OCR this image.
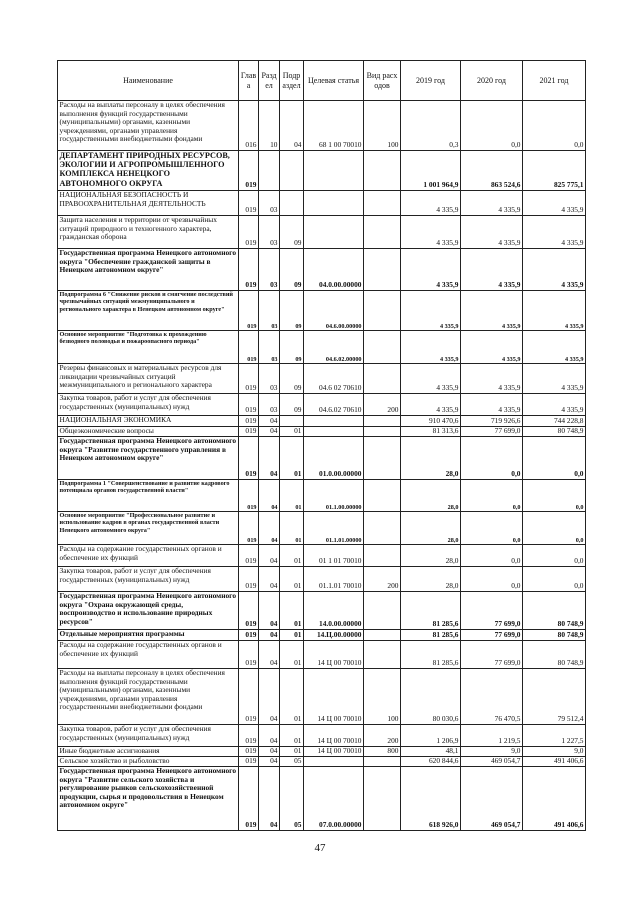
Наименование	Глава	Раздел	Подраздел	Целевая статья	Вид расходов	2019 год	2020 год	2021 год
Расходы на выплаты персоналу в целях обеспечения выполнения функций государственными (муниципальными) органами, казенными учреждениями, органами управления государственными внебюджетными фондами	016	10	04	68 1 00 70010	100	0,3	0,0	0,0
ДЕПАРТАМЕНТ ПРИРОДНЫХ РЕСУРСОВ, ЭКОЛОГИИ И АГРОПРОМЫШЛЕННОГО КОМПЛЕКСА НЕНЕЦКОГО АВТОНОМНОГО ОКРУГА	019					1 001 964,9	863 524,6	825 775,1
НАЦИОНАЛЬНАЯ БЕЗОПАСНОСТЬ И ПРАВООХРАНИТЕЛЬНАЯ ДЕЯТЕЛЬНОСТЬ	019	03				4 335,9	4 335,9	4 335,9
Защита населения и территории от чрезвычайных ситуаций природного и техногенного характера, гражданская оборона	019	03	09			4 335,9	4 335,9	4 335,9
Государственная программа Ненецкого автономного округа "Обеспечение гражданской защиты в Ненецком автономном округе"	019	03	09	04.0.00.00000		4 335,9	4 335,9	4 335,9
Подпрограмма 6 "Снижение рисков и смягчение последствий чрезвычайных ситуаций межмуниципального и регионального характера в Ненецком автономном округе"	019	03	09	04.6.00.00000		4 335,9	4 335,9	4 335,9
Основное мероприятие "Подготовка к прохождению безводного половодья и пожароопасного периода"	019	03	09	04.6.02.00000		4 335,9	4 335,9	4 335,9
Резервы финансовых и материальных ресурсов для ликвидации чрезвычайных ситуаций межмуниципального и регионального характера	019	03	09	04.6 02 70610		4 335,9	4 335,9	4 335,9
Закупка товаров, работ и услуг для обеспечения государственных (муниципальных) нужд	019	03	09	04.6.02 70610	200	4 335,9	4 335,9	4 335,9
НАЦИОНАЛЬНАЯ ЭКОНОМИКА	019	04				910 470,6	719 926,6	744 228,8
Общеэкономические вопросы	019	04	01			81 313,6	77 699,0	80 748,9
Государственная программа Ненецкого автономного округа "Развитие государственного управления в Ненецком автономном округе"	019	04	01	01.0.00.00000		28,0	0,0	0,0
Подпрограмма 1 "Совершенствование и развитие кадрового потенциала органов государственной власти"	019	04	01	01.1.00.00000		28,0	0,0	0,0
Основное мероприятие "Профессиональное развитие и использование кадров в органах государственной власти Ненецкого автономного округа"	019	04	01	01.1.01.00000		28,0	0,0	0,0
Расходы на содержание государственных органов и обеспечение их функций	019	04	01	01 1 01 70010		28,0	0,0	0,0
Закупка товаров, работ и услуг для обеспечения государственных (муниципальных) нужд	019	04	01	01.1.01 70010	200	28,0	0,0	0,0
Государственная программа Ненецкого автономного округа "Охрана окружающей среды, воспроизводство и использование природных ресурсов"	019	04	01	14.0.00.00000		81 285,6	77 699,0	80 748,9
Отдельные мероприятия программы	019	04	01	14.Ц.00.00000		81 285,6	77 699,0	80 748,9
Расходы на содержание государственных органов и обеспечение их функций	019	04	01	14 Ц 00 70010		81 285,6	77 699,0	80 748,9
Расходы на выплаты персоналу в целях обеспечения выполнения функций государственными (муниципальными) органами, казенными учреждениями, органами управления государственными внебюджетными фондами	019	04	01	14 Ц 00 70010	100	80 030,6	76 470,5	79 512,4
Закупка товаров, работ и услуг для обеспечения государственных (муниципальных) нужд	019	04	01	14 Ц 00 70010	200	1 206,9	1 219,5	1 227,5
Иные бюджетные ассигнования	019	04	01	14 Ц 00 70010	800	48,1	9,0	9,0
Сельское хозяйство и рыболовство	019	04	05			620 844,6	469 054,7	491 406,6
Государственная программа Ненецкого автономного округа "Развитие сельского хозяйства и регулирование рынков сельскохозяйственной продукции, сырья и продовольствия в Ненецком автономном округе"	019	04	05	07.0.00.00000		618 926,0	469 054,7	491 406,6
47
